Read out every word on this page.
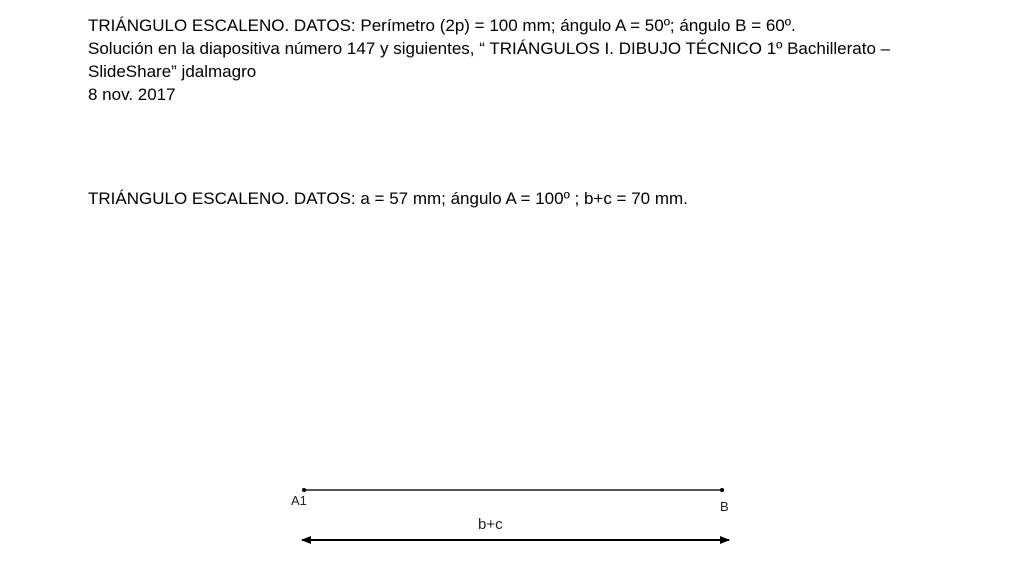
TRIÁNGULO ESCALENO. DATOS: Perímetro (2p) = 100 mm; ángulo A = 50º; ángulo B = 60º.
Solución en la diapositiva número 147 y siguientes, “ TRIÁNGULOS I. DIBUJO TÉCNICO 1º Bachillerato – SlideShare” jdalmagro
8 nov. 2017
TRIÁNGULO ESCALENO. DATOS: a = 57 mm; ángulo A = 100º ; b+c = 70 mm.
A1	B
b+c
